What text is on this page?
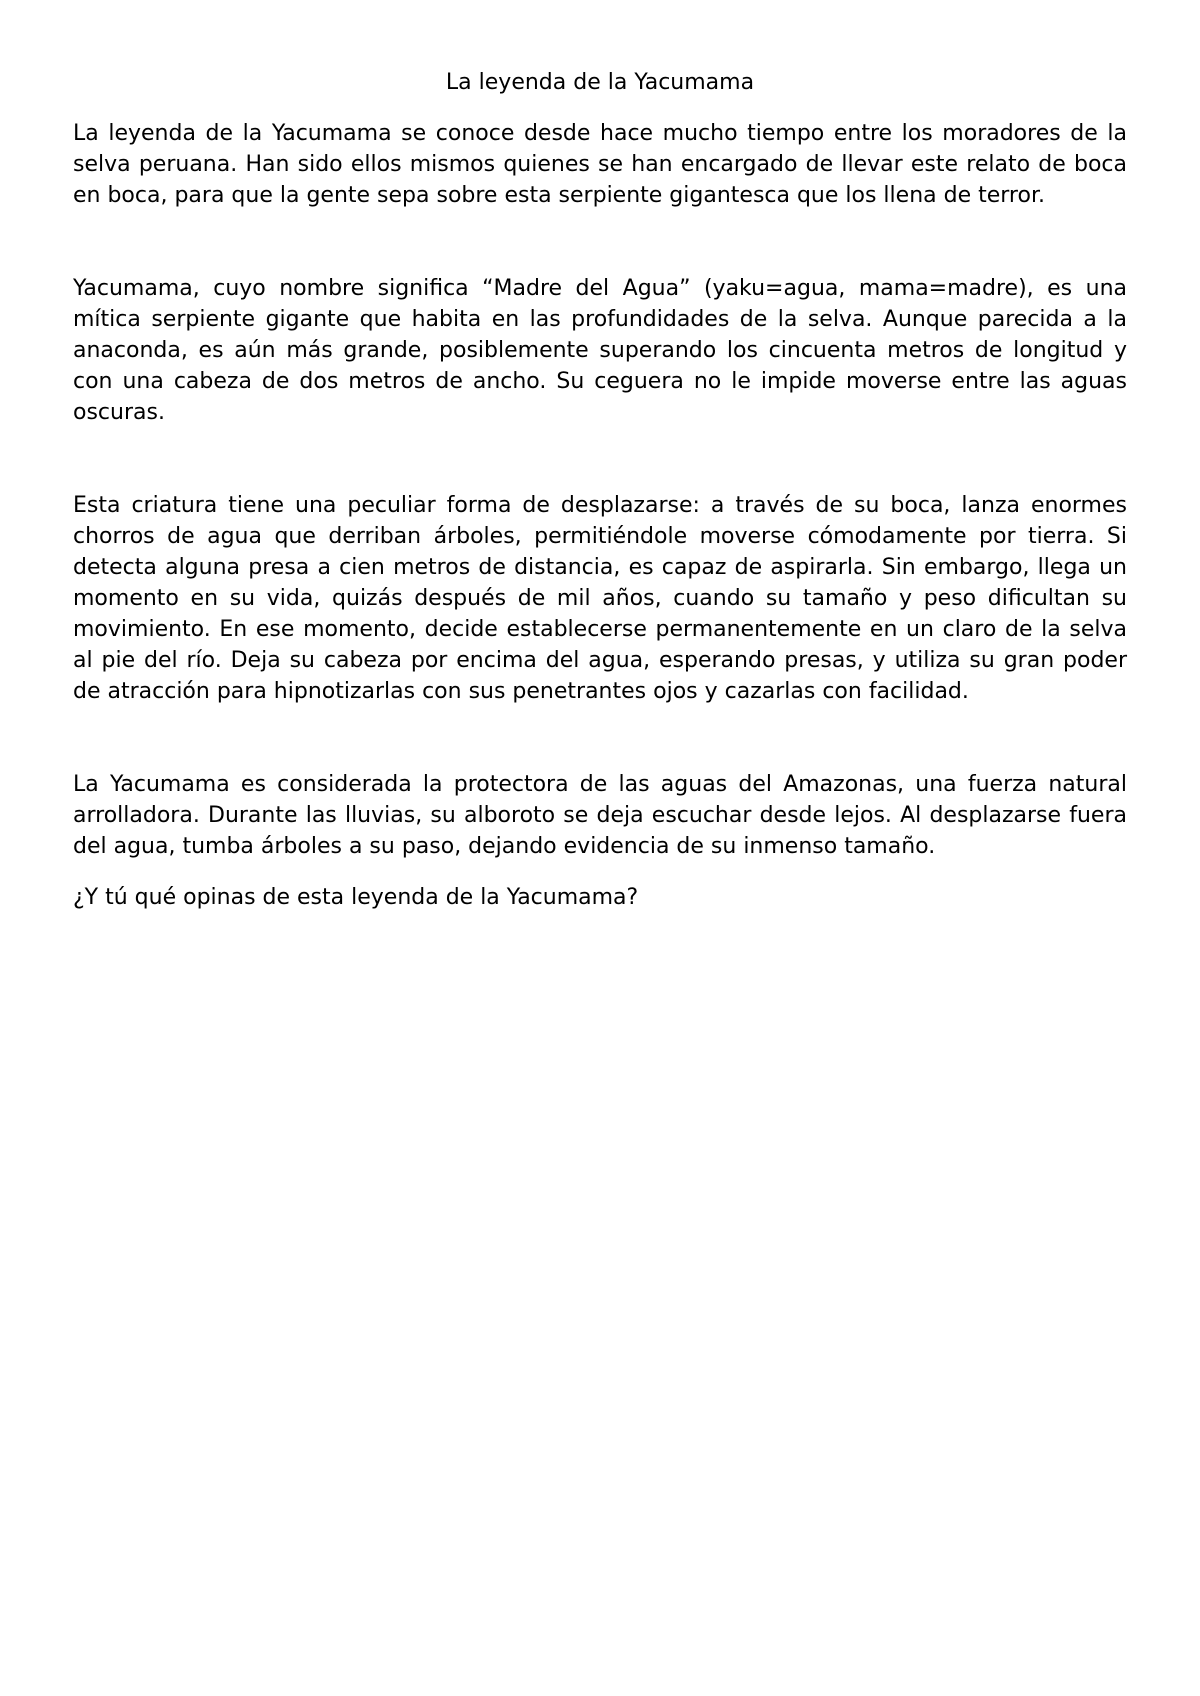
La leyenda de la Yacumama

La leyenda de la Yacumama se conoce desde hace mucho tiempo entre los moradores de la selva peruana. Han sido ellos mismos quienes se han encargado de llevar este relato de boca en boca, para que la gente sepa sobre esta serpiente gigantesca que los llena de terror.

Yacumama, cuyo nombre significa “Madre del Agua” (yaku=agua, mama=madre), es una mítica serpiente gigante que habita en las profundidades de la selva. Aunque parecida a la anaconda, es aún más grande, posiblemente superando los cincuenta metros de longitud y con una cabeza de dos metros de ancho. Su ceguera no le impide moverse entre las aguas oscuras.

Esta criatura tiene una peculiar forma de desplazarse: a través de su boca, lanza enormes chorros de agua que derriban árboles, permitiéndole moverse cómodamente por tierra. Si detecta alguna presa a cien metros de distancia, es capaz de aspirarla. Sin embargo, llega un momento en su vida, quizás después de mil años, cuando su tamaño y peso dificultan su movimiento. En ese momento, decide establecerse permanentemente en un claro de la selva al pie del río. Deja su cabeza por encima del agua, esperando presas, y utiliza su gran poder de atracción para hipnotizarlas con sus penetrantes ojos y cazarlas con facilidad.

La Yacumama es considerada la protectora de las aguas del Amazonas, una fuerza natural arrolladora. Durante las lluvias, su alboroto se deja escuchar desde lejos. Al desplazarse fuera del agua, tumba árboles a su paso, dejando evidencia de su inmenso tamaño.

¿Y tú qué opinas de esta leyenda de la Yacumama?
